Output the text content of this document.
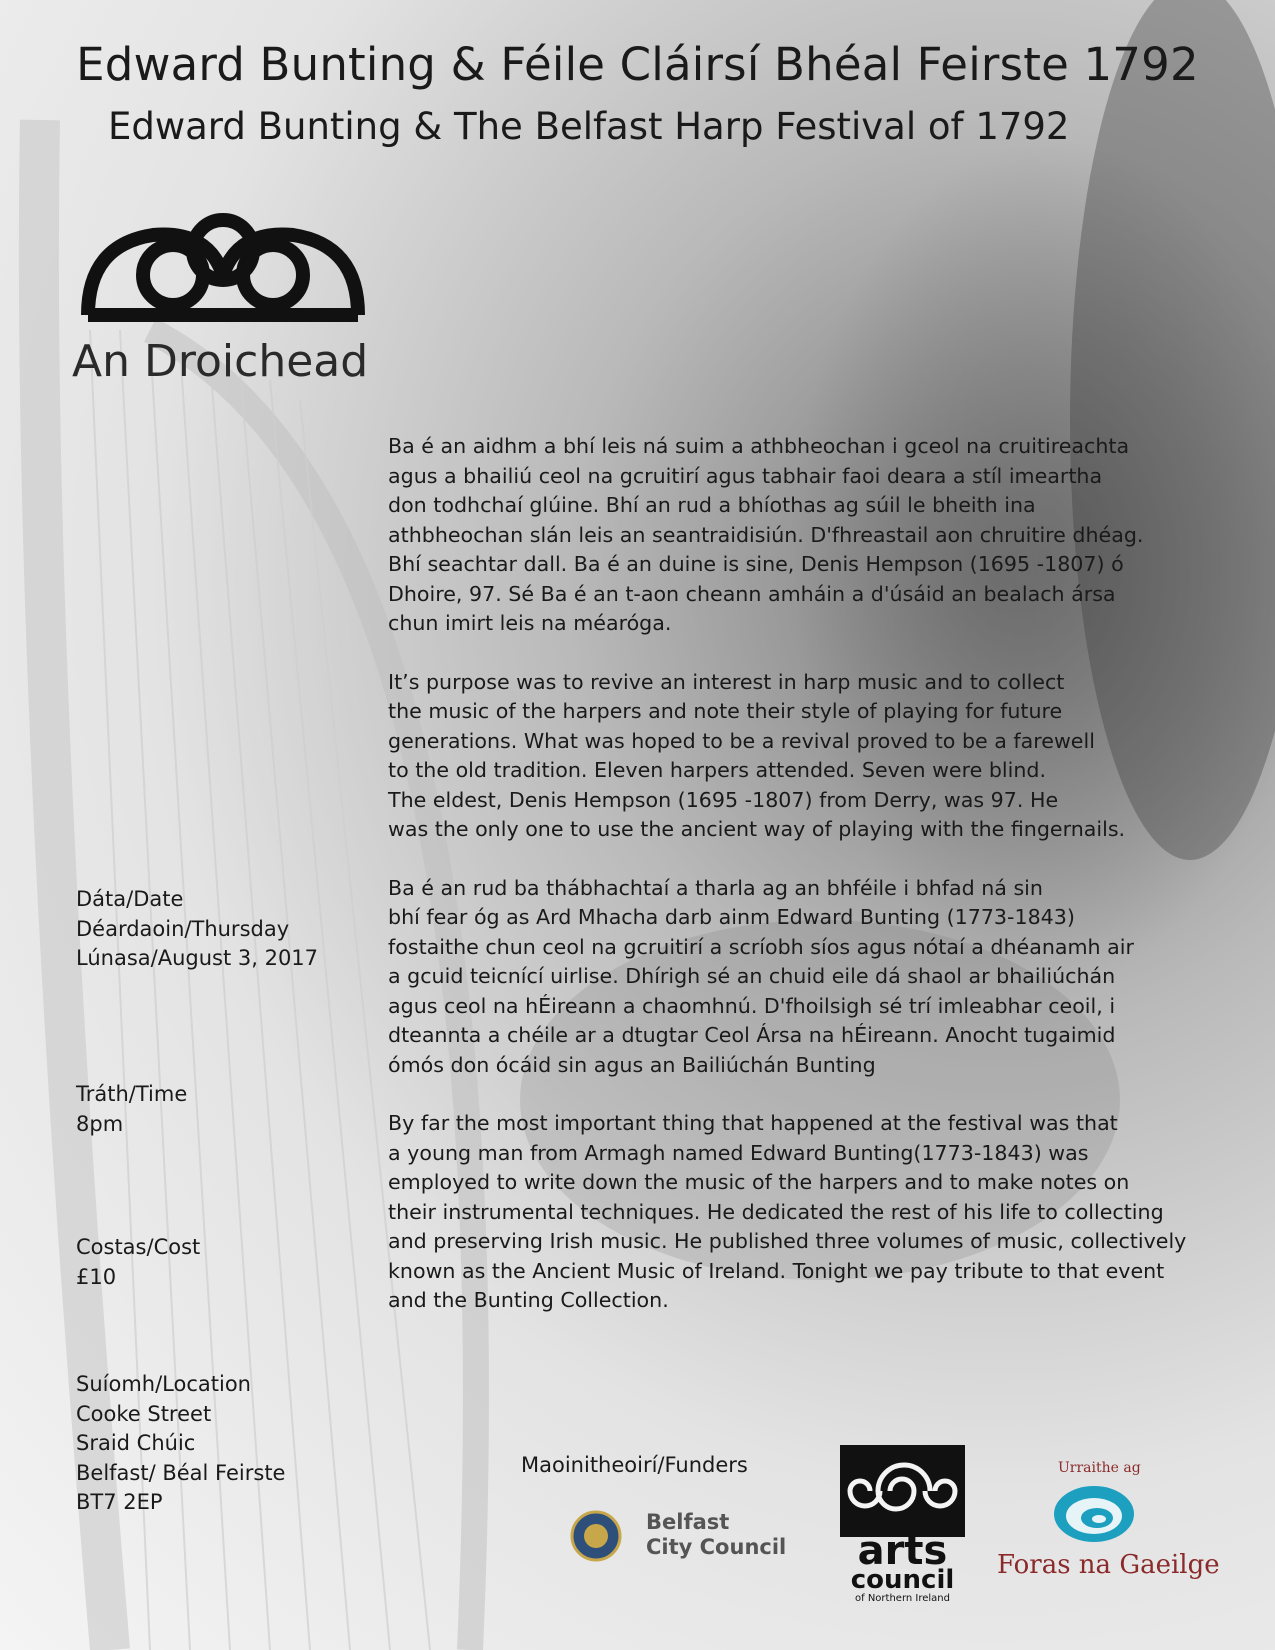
Edward Bunting & Féile Cláirsí Bhéal Feirste 1792
Edward Bunting & The Belfast Harp Festival of 1792
An Droichead

Ba é an aidhm a bhí leis ná suim a athbheochan i gceol na cruitireachta
agus a bhailiú ceol na gcruitirí agus tabhair faoi deara a stíl imeartha
don todhchaí glúine. Bhí an rud a bhíothas ag súil le bheith ina
athbheochan slán leis an seantraidisiún. D'fhreastail aon chruitire dhéag.
Bhí seachtar dall. Ba é an duine is sine, Denis Hempson (1695 -1807) ó
Dhoire, 97. Sé Ba é an t-aon cheann amháin a d'úsáid an bealach ársa
chun imirt leis na méaróga.

It’s purpose was to revive an interest in harp music and to collect
the music of the harpers and note their style of playing for future
generations. What was hoped to be a revival proved to be a farewell
to the old tradition. Eleven harpers attended. Seven were blind.
The eldest, Denis Hempson (1695 -1807) from Derry, was 97. He
was the only one to use the ancient way of playing with the fingernails.

Ba é an rud ba thábhachtaí a tharla ag an bhféile i bhfad ná sin
bhí fear óg as Ard Mhacha darb ainm Edward Bunting (1773-1843)
fostaithe chun ceol na gcruitirí a scríobh síos agus nótaí a dhéanamh air
a gcuid teicnící uirlise. Dhírigh sé an chuid eile dá shaol ar bhailiúchán
agus ceol na hÉireann a chaomhnú. D'fhoilsigh sé trí imleabhar ceoil, i
dteannta a chéile ar a dtugtar Ceol Ársa na hÉireann. Anocht tugaimid
ómós don ócáid sin agus an Bailiúchán Bunting

By far the most important thing that happened at the festival was that
a young man from Armagh named Edward Bunting(1773-1843) was
employed to write down the music of the harpers and to make notes on
their instrumental techniques. He dedicated the rest of his life to collecting
and preserving Irish music. He published three volumes of music, collectively
known as the Ancient Music of Ireland. Tonight we pay tribute to that event
and the Bunting Collection.

Dáta/Date
Déardaoin/Thursday
Lúnasa/August 3, 2017
Tráth/Time
8pm
Costas/Cost
£10
Suíomh/Location
Cooke Street
Sraid Chúic
Belfast/ Béal Feirste
BT7 2EP
Maoinitheoirí/Funders
Belfast
City Council	arts
council
of Northern Ireland
Urraithe ag
Foras na Gaeilge
